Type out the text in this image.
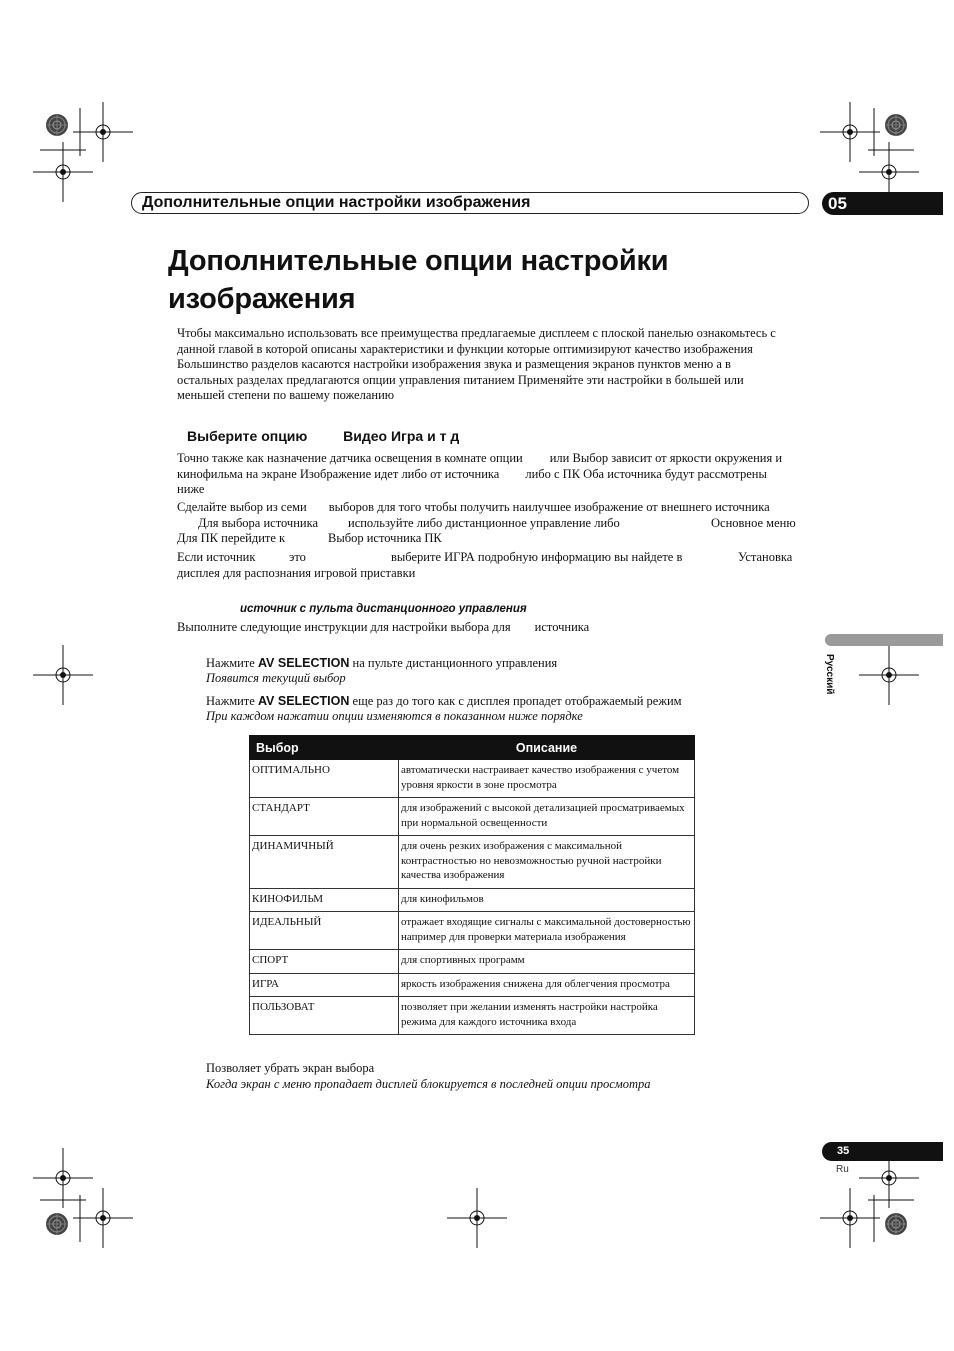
Дополнительные опции настройки изображения	05
Дополнительные опции настройки
изображения
Чтобы максимально использовать все преимущества предлагаемые дисплеем с плоской панелью ознакомьтесь с
данной главой в которой описаны характеристики и функции которые оптимизируют качество изображения
Большинство разделов касаются настройки изображения звука и размещения экранов пунктов меню а в
остальных разделах предлагаются опции управления питанием Применяйте эти настройки в большей или
меньшей степени по вашему пожеланию
Выберите опцию	Видео Игра и т д
Точно также как назначение датчика освещения в комнате опции или Выбор зависит от яркости окружения и
кинофильма на экране Изображение идет либо от источника либо с ПК Оба источника будут рассмотрены
ниже
Сделайте выбор из семи выборов для того чтобы получить наилучшее изображение от внешнего источника
Для выбора источника используйте либо дистанционное управление либо	Основное меню
Для ПК перейдите к	Выбор источника ПК
Если источник	это	выберите ИГРА подробную информацию вы найдете в	Установка
дисплея для распознания игровой приставки
источник с пульта дистанционного управления
Выполните следующие инструкции для настройки выбора для источника
Русский
Нажмите AV SELECTION на пульте дистанционного управления
Появится текущий выбор
Нажмите AV SELECTION еще раз до того как с дисплея пропадет отображаемый режим
При каждом нажатии опции изменяются в показанном ниже порядке
Выбор	Описание
ОПТИМАЛЬНО	автоматически настраивает качество изображения с учетом уровня яркости в зоне просмотра
СТАНДАРТ	для изображений с высокой детализацией просматриваемых при нормальной освещенности
ДИНАМИЧНЫЙ	для очень резких изображения с максимальной контрастностью но невозможностью ручной настройки качества изображения
КИНОФИЛЬМ	для кинофильмов
ИДЕАЛЬНЫЙ	отражает входящие сигналы с максимальной достоверностью например для проверки материала изображения
СПОРТ	для спортивных программ
ИГРА	яркость изображения снижена для облегчения просмотра
ПОЛЬЗОВАТ	позволяет при желании изменять настройки настройка режима для каждого источника входа
Позволяет убрать экран выбора
Когда экран с меню пропадает дисплей блокируется в последней опции просмотра
35
Ru
